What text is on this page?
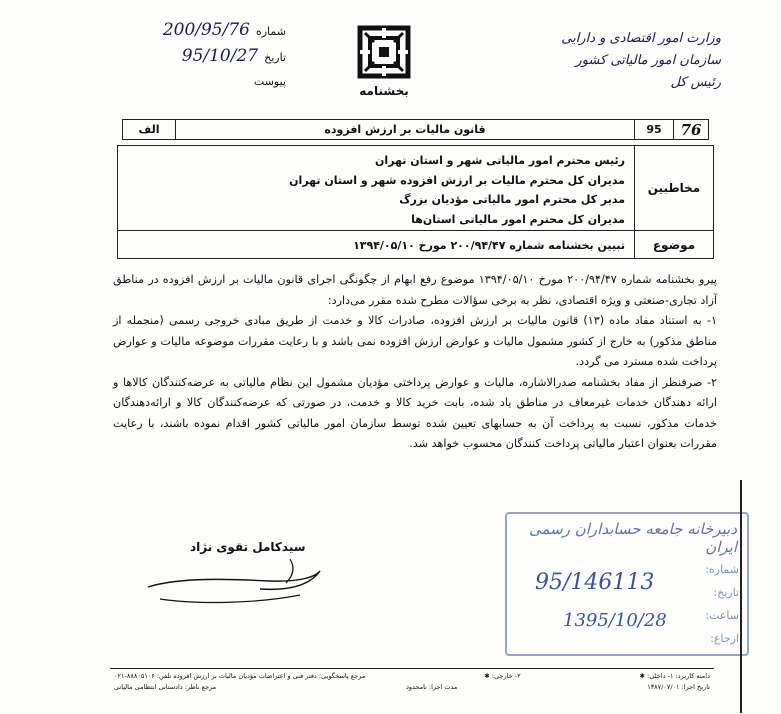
وزارت امور اقتصادی و دارایی
سازمان امور مالیاتی کشور
رئیس کل
شماره
200/95/76
تاریخ
95/10/27
پیوست
بخشنامه
76
95
قانون مالیات بر ارزش افزوده
الف
مخاطبین
رئیس محترم امور مالیاتی شهر و استان تهران
مدیران کل محترم مالیات بر ارزش افزوده شهر و استان تهران
مدیر کل محترم امور مالیاتی مؤدیان بزرگ
مدیران کل محترم امور مالیاتی استان‌ها
موضوع
تبیین بخشنامه شماره ۲۰۰/۹۴/۴۷ مورخ ۱۳۹۴/۰۵/۱۰

پیرو بخشنامه شماره ۲۰۰/۹۴/۴۷ مورخ ۱۳۹۴/۰۵/۱۰ موضوع رفع ابهام از چگونگی اجرای قانون مالیات بر ارزش افزوده در مناطق آزاد تجاری-صنعتی و ویژه اقتصادی، نظر به برخی سؤالات مطرح شده مقرر می‌دارد:

۱- به استناد مفاد ماده (۱۳) قانون مالیات بر ارزش افزوده، صادرات کالا و خدمت از طریق مبادی خروجی رسمی (منجمله از مناطق مذکور) به خارج از کشور مشمول مالیات و عوارض ارزش افزوده نمی باشد و با رعایت مقررات موضوعه مالیات و عوارض پرداخت شده مسترد می گردد.

۲- صرفنظر از مفاد بخشنامه صدرالاشاره، مالیات و عوارض پرداختی مؤدیان مشمول این نظام مالیاتی به عرضه‌کنندگان کالاها و ارائه دهندگان خدمات غیرمعاف در مناطق یاد شده، بابت خرید کالا و خدمت، در صورتی که عرضه‌کنندگان کالا و ارائه‌دهندگان خدمات مذکور، نسبت به پرداخت آن به حسابهای تعیین شده توسط سازمان امور مالیاتی کشور اقدام نموده باشند، با رعایت مقررات بعنوان اعتبار مالیاتی پرداخت کنندگان محسوب خواهد شد.

سیدکامل تقوی نژاد
دبیرخانه جامعه حسابداران رسمی ایران
شماره:
تاریخ:
ساعت:
ارجاع:
95/146113
1395/10/28
دامنه کاربرد: ۱- داخلی: ✱
۲- خارجی: ✱
مرجع پاسخگویی: دفتر فنی و اعتراضات مؤدیان مالیات بر ارزش افزوده تلفن: ۸۸۸۰۵۱۰۶-۰۲۱
تاریخ اجرا: ۱۳۸۷/۰۷/۰۱
مدت اجرا: نامحدود
مرجع ناظر: دادستانی انتظامی مالیاتی
